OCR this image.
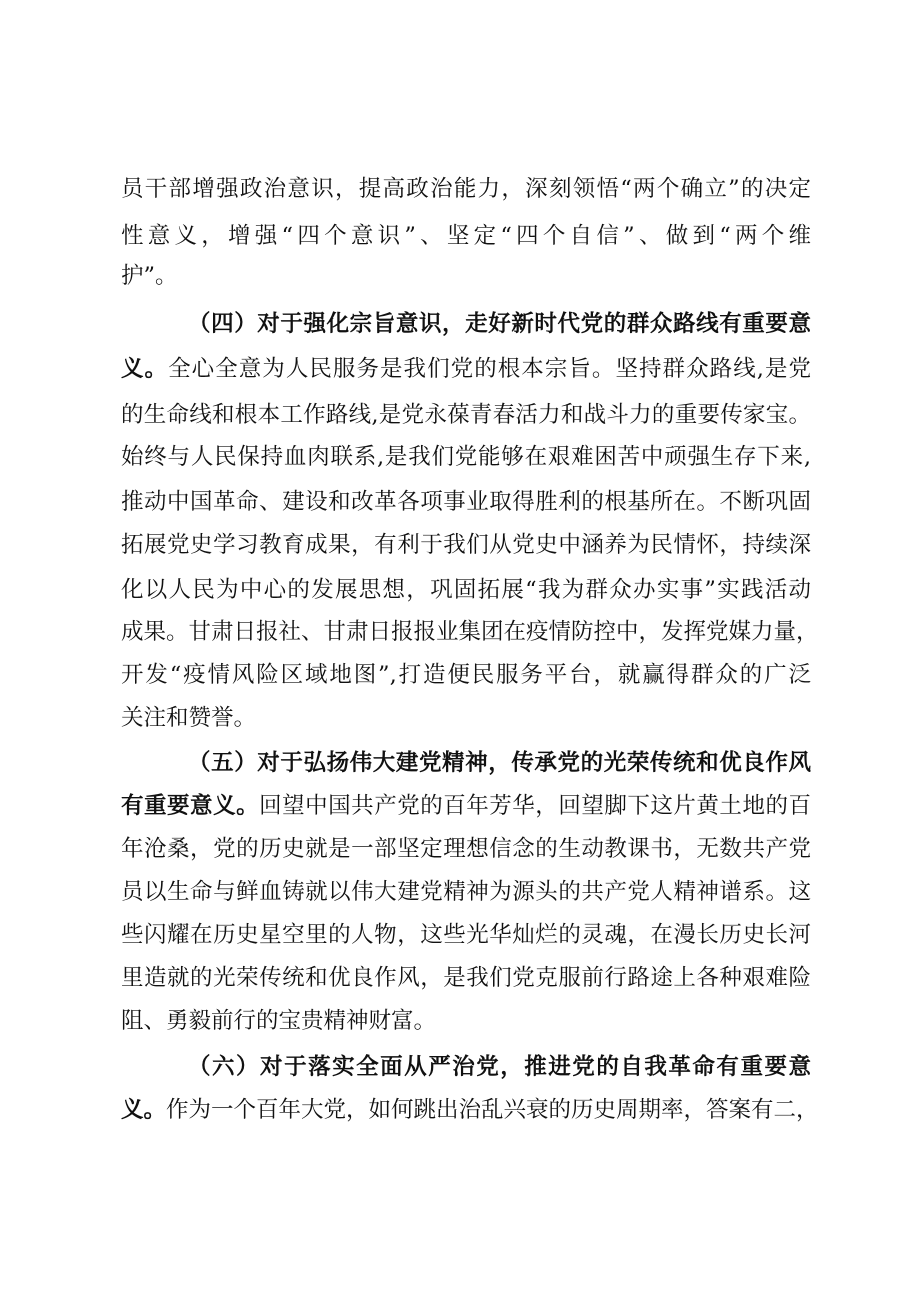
员干部增强政治意识，提高政治能力，深刻领悟“两个确立”的决定
性意义，增强“四个意识”、坚定“四个自信”、做到“两个维
护”。
（四）对于强化宗旨意识，走好新时代党的群众路线有重要意
义。全心全意为人民服务是我们党的根本宗旨。坚持群众路线,是党
的生命线和根本工作路线,是党永葆青春活力和战斗力的重要传家宝。
始终与人民保持血肉联系,是我们党能够在艰难困苦中顽强生存下来,
推动中国革命、建设和改革各项事业取得胜利的根基所在。不断巩固
拓展党史学习教育成果，有利于我们从党史中涵养为民情怀，持续深
化以人民为中心的发展思想，巩固拓展“我为群众办实事”实践活动
成果。甘肃日报社、甘肃日报报业集团在疫情防控中，发挥党媒力量，
开发“疫情风险区域地图”,打造便民服务平台，就赢得群众的广泛
关注和赞誉。
（五）对于弘扬伟大建党精神，传承党的光荣传统和优良作风
有重要意义。回望中国共产党的百年芳华，回望脚下这片黄土地的百
年沧桑，党的历史就是一部坚定理想信念的生动教课书，无数共产党
员以生命与鲜血铸就以伟大建党精神为源头的共产党人精神谱系。这
些闪耀在历史星空里的人物，这些光华灿烂的灵魂，在漫长历史长河
里造就的光荣传统和优良作风，是我们党克服前行路途上各种艰难险
阻、勇毅前行的宝贵精神财富。
（六）对于落实全面从严治党，推进党的自我革命有重要意
义。作为一个百年大党，如何跳出治乱兴衰的历史周期率，答案有二，
